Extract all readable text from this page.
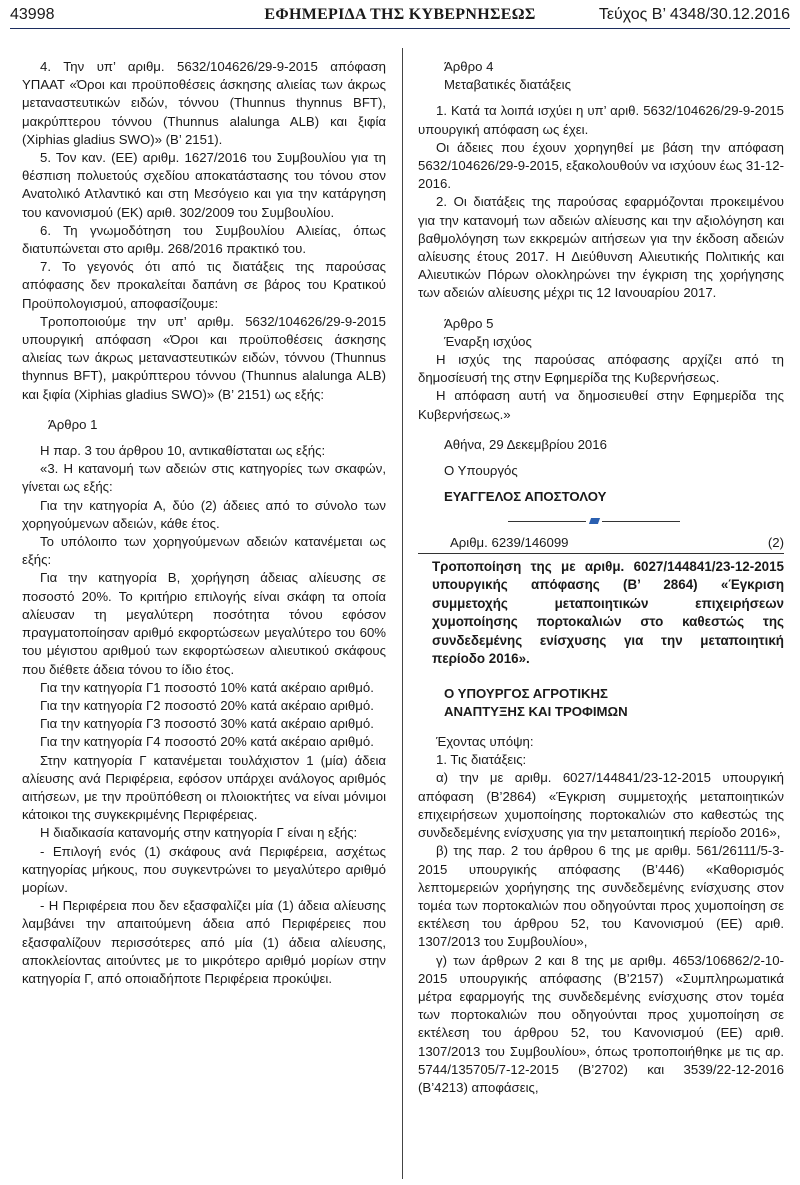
43998	ΕΦΗΜΕΡΙΔΑ ΤΗΣ ΚΥΒΕΡΝΗΣΕΩΣ	Τεύχος Β’ 4348/30.12.2016

4. Την υπ’ αριθμ. 5632/104626/29-9-2015 απόφαση ΥΠΑΑΤ «Όροι και προϋποθέσεις άσκησης αλιείας των άκρως μεταναστευτικών ειδών, τόννου (Thunnus thynnus BFT), μακρύπτερου τόννου (Thunnus alalunga ALB) και ξιφία (Xiphias gladius SWO)» (Β’ 2151).

5. Τον καν. (ΕΕ) αριθμ. 1627/2016 του Συμβουλίου για τη θέσπιση πολυετούς σχεδίου αποκατάστασης του τόνου στον Ανατολικό Ατλαντικό και στη Μεσόγειο και για την κατάργηση του κανονισμού (ΕΚ) αριθ. 302/2009 του Συμβουλίου.

6. Τη γνωμοδότηση του Συμβουλίου Αλιείας, όπως διατυπώνεται στο αριθμ. 268/2016 πρακτικό του.

7. Το γεγονός ότι από τις διατάξεις της παρούσας απόφασης δεν προκαλείται δαπάνη σε βάρος του Κρατικού Προϋπολογισμού, αποφασίζουμε:

Τροποποιούμε την υπ’ αριθμ. 5632/104626/29-9-2015 υπουργική απόφαση «Όροι και προϋποθέσεις άσκησης αλιείας των άκρως μεταναστευτικών ειδών, τόννου (Thunnus thynnus BFT), μακρύπτερου τόννου (Thunnus alalunga ALB) και ξιφία (Xiphias gladius SWO)» (Β’ 2151) ως εξής:

Άρθρο 1

Η παρ. 3 του άρθρου 10, αντικαθίσταται ως εξής:

«3. Η κατανομή των αδειών στις κατηγορίες των σκαφών, γίνεται ως εξής:

Για την κατηγορία Α, δύο (2) άδειες από το σύνολο των χορηγούμενων αδειών, κάθε έτος.

Το υπόλοιπο των χορηγούμενων αδειών κατανέμεται ως εξής:

Για την κατηγορία Β, χορήγηση άδειας αλίευσης σε ποσοστό 20%. Το κριτήριο επιλογής είναι σκάφη τα οποία αλίευσαν τη μεγαλύτερη ποσότητα τόνου εφόσον πραγματοποίησαν αριθμό εκφορτώσεων μεγαλύτερο του 60% του μέγιστου αριθμού των εκφορτώσεων αλιευτικού σκάφους που διέθετε άδεια τόνου το ίδιο έτος.

Για την κατηγορία Γ1 ποσοστό 10% κατά ακέραιο αριθμό.

Για την κατηγορία Γ2 ποσοστό 20% κατά ακέραιο αριθμό.

Για την κατηγορία Γ3 ποσοστό 30% κατά ακέραιο αριθμό.

Για την κατηγορία Γ4 ποσοστό 20% κατά ακέραιο αριθμό.

Στην κατηγορία Γ κατανέμεται τουλάχιστον 1 (μία) άδεια αλίευσης ανά Περιφέρεια, εφόσον υπάρχει ανάλογος αριθμός αιτήσεων, με την προϋπόθεση οι πλοιοκτήτες να είναι μόνιμοι κάτοικοι της συγκεκριμένης Περιφέρειας.

Η διαδικασία κατανομής στην κατηγορία Γ είναι η εξής:

- Επιλογή ενός (1) σκάφους ανά Περιφέρεια, ασχέτως κατηγορίας μήκους, που συγκεντρώνει το μεγαλύτερο αριθμό μορίων.

- Η Περιφέρεια που δεν εξασφαλίζει μία (1) άδεια αλίευσης λαμβάνει την απαιτούμενη άδεια από Περιφέρειες που εξασφαλίζουν περισσότερες από μία (1) άδεια αλίευσης, αποκλείοντας αιτούντες με το μικρότερο αριθμό μορίων στην κατηγορία Γ, από οποιαδήποτε Περιφέρεια προκύψει.

Άρθρο 4

Μεταβατικές διατάξεις

1. Κατά τα λοιπά ισχύει η υπ’ αριθ. 5632/104626/29-9-2015 υπουργική απόφαση ως έχει.

Οι άδειες που έχουν χορηγηθεί με βάση την απόφαση 5632/104626/29-9-2015, εξακολουθούν να ισχύουν έως 31-12-2016.

2. Οι διατάξεις της παρούσας εφαρμόζονται προκειμένου για την κατανομή των αδειών αλίευσης και την αξιολόγηση και βαθμολόγηση των εκκρεμών αιτήσεων για την έκδοση αδειών αλίευσης έτους 2017. Η Διεύθυνση Αλιευτικής Πολιτικής και Αλιευτικών Πόρων ολοκληρώνει την έγκριση της χορήγησης των αδειών αλίευσης μέχρι τις 12 Ιανουαρίου 2017.

Άρθρο 5

Έναρξη ισχύος

Η ισχύς της παρούσας απόφασης αρχίζει από τη δημοσίευσή της στην Εφημερίδα της Κυβερνήσεως.

Η απόφαση αυτή να δημοσιευθεί στην Εφημερίδα της Κυβερνήσεως.»

Αθήνα, 29 Δεκεμβρίου 2016

Ο Υπουργός

ΕΥΑΓΓΕΛΟΣ ΑΠΟΣΤΟΛΟΥ

Αριθμ. 6239/146099	(2)

Τροποποίηση της με αριθμ. 6027/144841/23-12-2015 υπουργικής απόφασης (Β’ 2864) «Έγκριση συμμετοχής μεταποιητικών επιχειρήσεων χυμοποίησης πορτοκαλιών στο καθεστώς της συνδεδεμένης ενίσχυσης για την μεταποιητική περίοδο 2016».

Ο ΥΠΟΥΡΓΟΣ ΑΓΡΟΤΙΚΗΣ

ΑΝΑΠΤΥΞΗΣ ΚΑΙ ΤΡΟΦΙΜΩΝ

Έχοντας υπόψη:

1. Τις διατάξεις:

α) την με αριθμ. 6027/144841/23-12-2015 υπουργική απόφαση (Β’2864) «Έγκριση συμμετοχής μεταποιητικών επιχειρήσεων χυμοποίησης πορτοκαλιών στο καθεστώς της συνδεδεμένης ενίσχυσης για την μεταποιητική περίοδο 2016»,

β) της παρ. 2 του άρθρου 6 της με αριθμ. 561/26111/5-3-2015 υπουργικής απόφασης (Β’446) «Καθορισμός λεπτομερειών χορήγησης της συνδεδεμένης ενίσχυσης στον τομέα των πορτοκαλιών που οδηγούνται προς χυμοποίηση σε εκτέλεση του άρθρου 52, του Κανονισμού (ΕΕ) αριθ. 1307/2013 του Συμβουλίου»,

γ) των άρθρων 2 και 8 της με αριθμ. 4653/106862/2-10-2015 υπουργικής απόφασης (Β’2157) «Συμπληρωματικά μέτρα εφαρμογής της συνδεδεμένης ενίσχυσης στον τομέα των πορτοκαλιών που οδηγούνται προς χυμοποίηση σε εκτέλεση του άρθρου 52, του Κανονισμού (ΕΕ) αριθ. 1307/2013 του Συμβουλίου», όπως τροποποιήθηκε με τις αρ. 5744/135705/7-12-2015 (Β’2702) και 3539/22-12-2016 (Β’4213) αποφάσεις,
